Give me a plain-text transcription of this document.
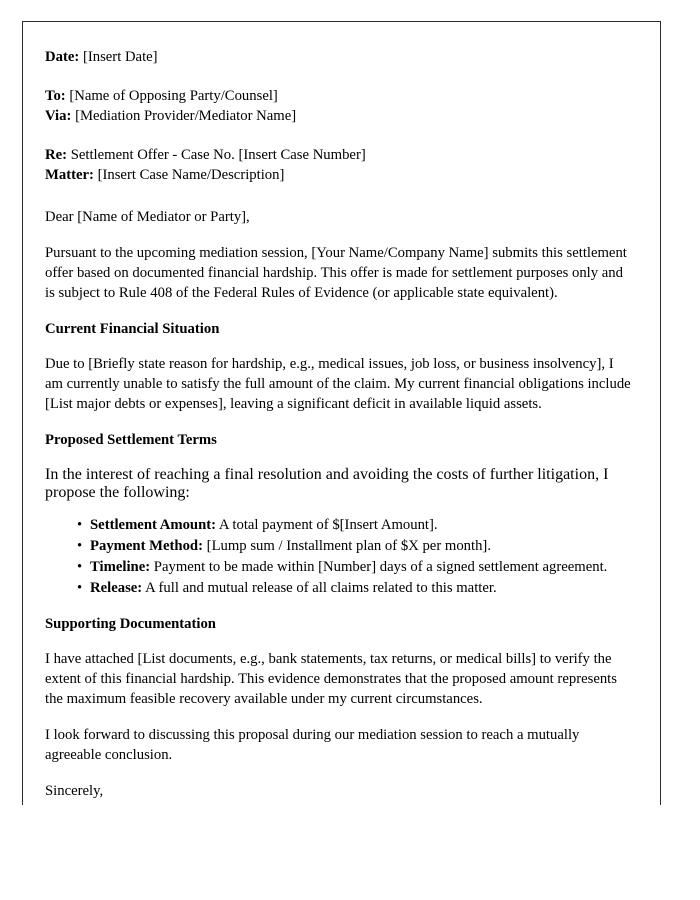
Date: [Insert Date]
To: [Name of Opposing Party/Counsel]
Via: [Mediation Provider/Mediator Name]
Re: Settlement Offer - Case No. [Insert Case Number]
Matter: [Insert Case Name/Description]

Dear [Name of Mediator or Party],

Pursuant to the upcoming mediation session, [Your Name/Company Name] submits this settlement offer based on documented financial hardship. This offer is made for settlement purposes only and is subject to Rule 408 of the Federal Rules of Evidence (or applicable state equivalent).

Current Financial Situation

Due to [Briefly state reason for hardship, e.g., medical issues, job loss, or business insolvency], I am currently unable to satisfy the full amount of the claim. My current financial obligations include [List major debts or expenses], leaving a significant deficit in available liquid assets.

Proposed Settlement Terms

In the interest of reaching a final resolution and avoiding the costs of further litigation, I propose the following:

• Settlement Amount: A total payment of $[Insert Amount].
• Payment Method: [Lump sum / Installment plan of $X per month].
• Timeline: Payment to be made within [Number] days of a signed settlement agreement.
• Release: A full and mutual release of all claims related to this matter.
Supporting Documentation

I have attached [List documents, e.g., bank statements, tax returns, or medical bills] to verify the extent of this financial hardship. This evidence demonstrates that the proposed amount represents the maximum feasible recovery available under my current circumstances.

I look forward to discussing this proposal during our mediation session to reach a mutually agreeable conclusion.

Sincerely,
